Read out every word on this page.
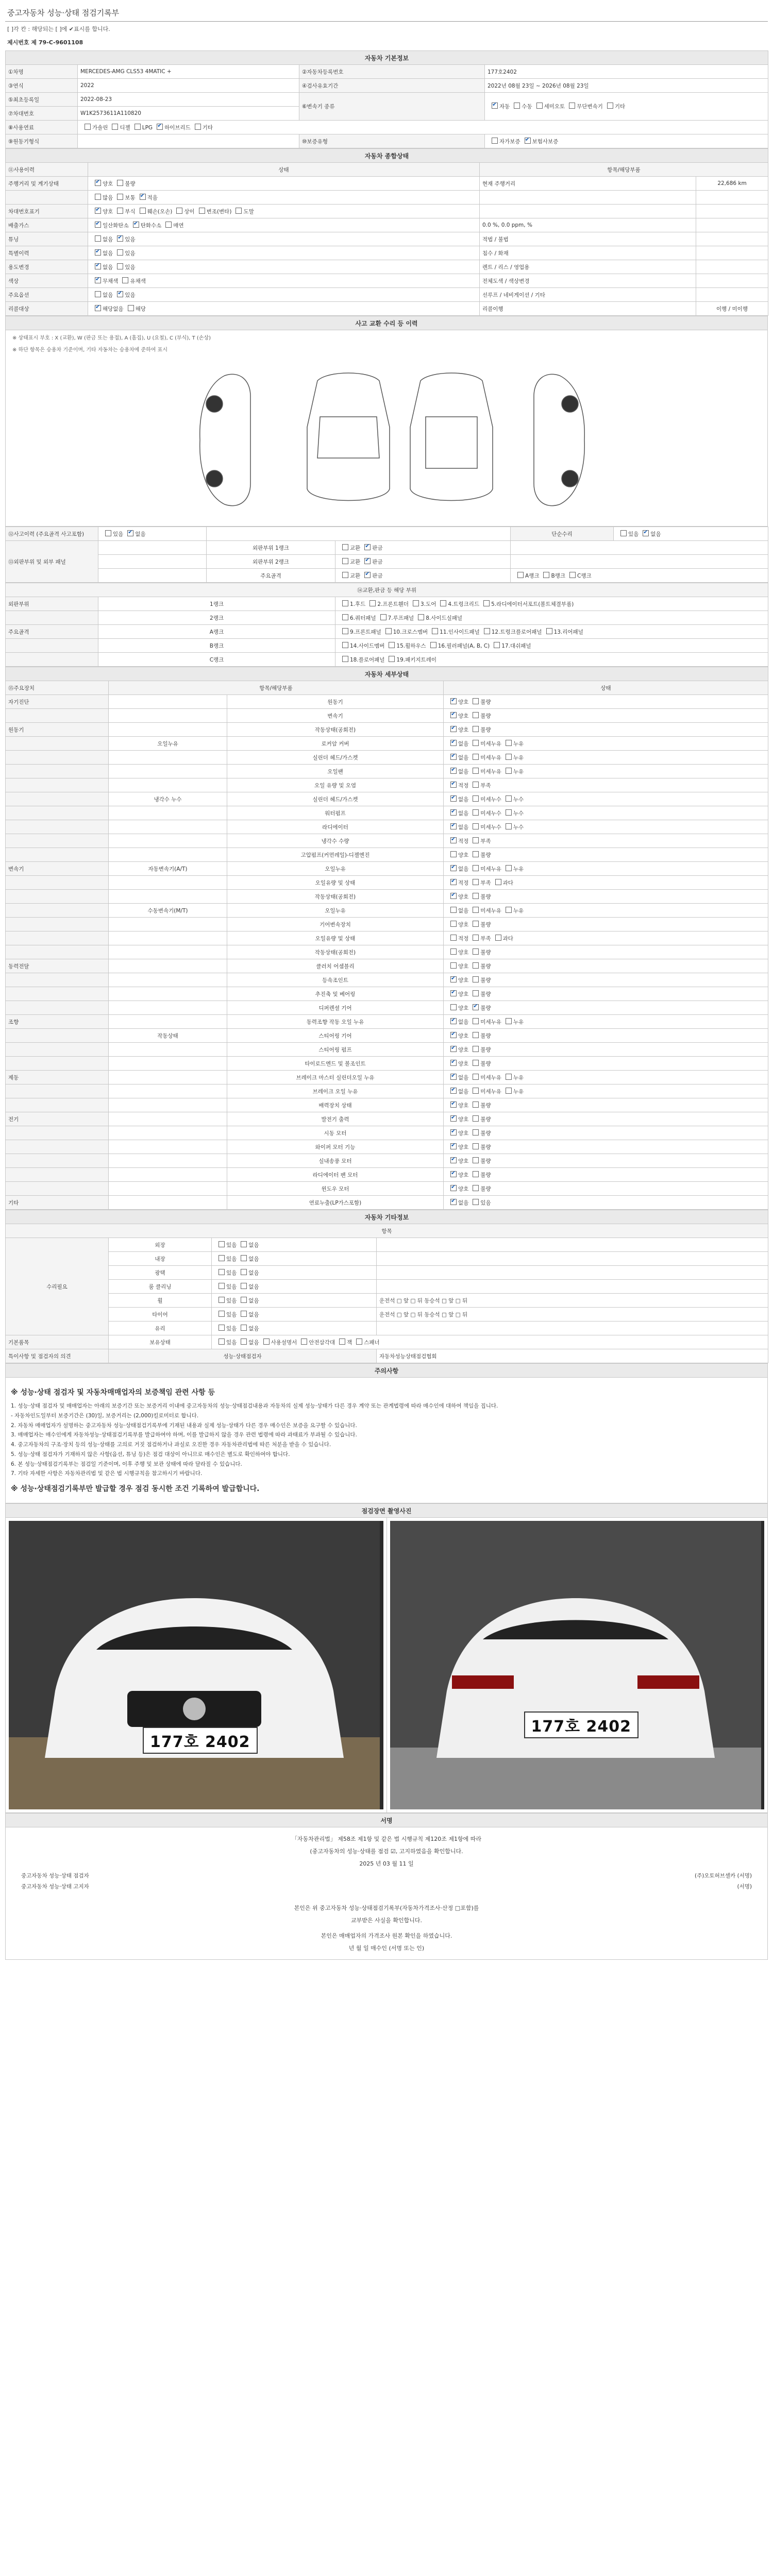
중고자동차 성능·상태 점검기록부
[ ]각 칸 : 해당되는 [ ]에 ✔표시를 합니다.
제시번호 제 79-C-9601108
자동차 기본정보			
①차명	MERCEDES-AMG CLS53 4MATIC +	②자동차등록번호	177호2402
③연식	2022	④검사유효기간	2022년 08월 23일 ~ 2026년 08월 23일
⑤최초등록일	2022-08-23	⑥변속기 종류	✔자동 수동 세미오토 무단변속기 기타
⑦차대번호	W1K2573611A110820		
⑧사용연료	가솔린 디젤 LPG ✔ 하이브리드 기타
⑨원동기형식		⑩보증유형	자가보증 ✔ 보험사보증
자동차 종합상태			
⑪사용이력	상태	항목/해당부품	
주행거리 및 계기상태	✔양호 불량	현재 주행거리	22,686 km
	많음 보통 ✔ 적음		
차대번호표기	✔양호 부식 훼손(오손) 상이 변조(변타) 도말		
배출가스	✔일산화탄소 ✔ 탄화수소 매연	0.0 %, 0.0 ppm, %	
튜닝	없음 ✔ 있음	적법 / 불법	
특별이력	✔없음 있음	침수 / 화재	
용도변경	✔없음 있음	렌트 / 리스 / 영업용	
색상	✔무채색 유채색	전체도색 / 색상변경	
주요옵션	없음 ✔ 있음	선루프 / 네비게이션 / 기타	
리콜대상	✔해당없음 해당	리콜이행	이행 / 미이행
사고 교환 수리 등 이력

※ 상태표시 부호 : X (교환), W (판금 또는 용접), A (흠집), U (요철), C (부식), T (손상)
※ 하단 항목은 승용차 기준이며, 기타 자동차는 승용차에 준하여 표시
⑫사고이력 (주요골격 사고포함)	있음 ✔ 없음			단순수리	있음 ✔ 없음
⑬외판부위 및 외부 패널		외판부위 1랭크	교환 ✔ 판금	
		외판부위 2랭크	교환 ✔ 판금	
		주요골격	교환 ✔ 판금	A랭크 B랭크 C랭크	
⑭교환,판금 등 해당 부위		
외판부위	1랭크	1.후드 2.프론트휀더 3.도어 4.트렁크리드 5.라디에이터서포트(볼트체결부품)
	2랭크	6.쿼터패널 7.루프패널 8.사이드실패널
주요골격	A랭크	9.프론트패널 10.크로스멤버 11.인사이드패널 12.트렁크플로어패널 13.리어패널
	B랭크	14.사이드멤버 15.휠하우스 16.필러패널(A, B, C) 17.대쉬패널
	C랭크	18.플로어패널 19.패키지트레이
자동차 세부상태			
⑮주요장치	항목/해당부품		상태
자기진단		원동기	✔양호 불량
		변속기	✔양호 불량
원동기		작동상태(공회전)	✔양호 불량
	오일누유	로커암 커버	✔없음 미세누유 누유
		실린더 헤드/가스켓	✔없음 미세누유 누유
		오일팬	✔없음 미세누유 누유
		오일 유량 및 오염	✔적정 부족
	냉각수 누수	실린더 헤드/가스켓	✔없음 미세누수 누수
		워터펌프	✔없음 미세누수 누수
		라디에이터	✔없음 미세누수 누수
		냉각수 수량	✔적정 부족
		고압펌프(커먼레일)-디젤엔진	양호 불량
변속기	자동변속기(A/T)	오일누유	✔없음 미세누유 누유
		오일유량 및 상태	✔적정 부족 과다
		작동상태(공회전)	✔양호 불량
	수동변속기(M/T)	오일누유	없음 미세누유 누유
		기어변속장치	양호 불량
		오일유량 및 상태	적정 부족 과다
		작동상태(공회전)	양호 불량
동력전달		클러치 어셈블리	양호 불량
		등속조인트	✔양호 불량
		추진축 및 베어링	✔양호 불량
		디퍼렌셜 기어	양호 ✔ 불량
조향		동력조향 작동 오일 누유	✔없음 미세누유 누유
	작동상태	스티어링 기어	✔양호 불량
		스티어링 펌프	✔양호 불량
		타이로드엔드 및 볼조인트	✔양호 불량
제동		브레이크 마스터 실린더오일 누유	✔없음 미세누유 누유
		브레이크 오일 누유	✔없음 미세누유 누유
		배력장치 상태	✔양호 불량
전기		발전기 출력	✔양호 불량
		시동 모터	✔양호 불량
		와이퍼 모터 기능	✔양호 불량
		실내송풍 모터	✔양호 불량
		라디에이터 팬 모터	✔양호 불량
		윈도우 모터	✔양호 불량
기타		연료누출(LP가스포함)	✔없음 있음
자동차 기타정보			
항목			
수리필요	외장	있음 없음	
	내장	있음 없음	
	광택	있음 없음	
	룸 클리닝	있음 없음	
	휠	있음 없음	운전석 □ 앞 □ 뒤 동승석 □ 앞 □ 뒤
	타이어	있음 없음	운전석 □ 앞 □ 뒤 동승석 □ 앞 □ 뒤
	유리	있음 없음	
기본품목	보유상태	있음 없음 사용설명서 안전삼각대 잭 스패너	
특이사항 및 점검자의 의견	성능·상태점검자		자동차성능상태점검협회
주의사항

※ 성능·상태 점검자 및 자동차매매업자의 보증책임 관련 사항 등

1. 성능·상태 점검자 및 매매업자는 아래의 보증기간 또는 보증거리 이내에 중고자동차의 성능·상태점검내용과 자동차의 실제 성능·상태가 다른 경우 계약 또는 관계법령에 따라 매수인에 대하여 책임을 집니다.

- 자동차인도일부터 보증기간은 (30)일, 보증거리는 (2,000)킬로미터로 합니다.

2. 자동차 매매업자가 설명하는 중고자동차 성능·상태점검기록부에 기재된 내용과 실제 성능·상태가 다른 경우 매수인은 보증을 요구할 수 있습니다.

3. 매매업자는 매수인에게 자동차성능·상태점검기록부를 발급하여야 하며, 이를 발급하지 않을 경우 관련 법령에 따라 과태료가 부과될 수 있습니다.

4. 중고자동차의 구조·장치 등의 성능·상태를 고의로 거짓 점검하거나 과실로 오진한 경우 자동차관리법에 따른 처분을 받을 수 있습니다.

5. 성능·상태 점검자가 기재하지 않은 사항(옵션, 튜닝 등)은 점검 대상이 아니므로 매수인은 별도로 확인하여야 합니다.

6. 본 성능·상태점검기록부는 점검일 기준이며, 이후 주행 및 보관 상태에 따라 달라질 수 있습니다.

7. 기타 자세한 사항은 자동차관리법 및 같은 법 시행규칙을 참고하시기 바랍니다.

※ 성능·상태점검기록부만 발급할 경우 점검 동시한 조건 기록하여 발급합니다.
점검장면 촬영사진

177호 2402

177호 2402
서명

「자동차관리법」 제58조 제1항 및 같은 법 시행규칙 제120조 제1항에 따라

(중고자동차의 성능·상태를 점검 ☑, 고지하였음을 확인합니다.

2025 년 03 월 11 일

중고자동차 성능·상태 점검자	(주)오토허브셀카 (서명)
중고자동차 성능·상태 고지자	(서명)

본인은 위 중고자동차 성능·상태점검기록부(자동차가격조사·산정 □포함)를

교부받은 사실을 확인합니다.

본인은 매매업자의 가격조사 원본 확인을 하였습니다.

년 월 일 매수인 (서명 또는 인)
